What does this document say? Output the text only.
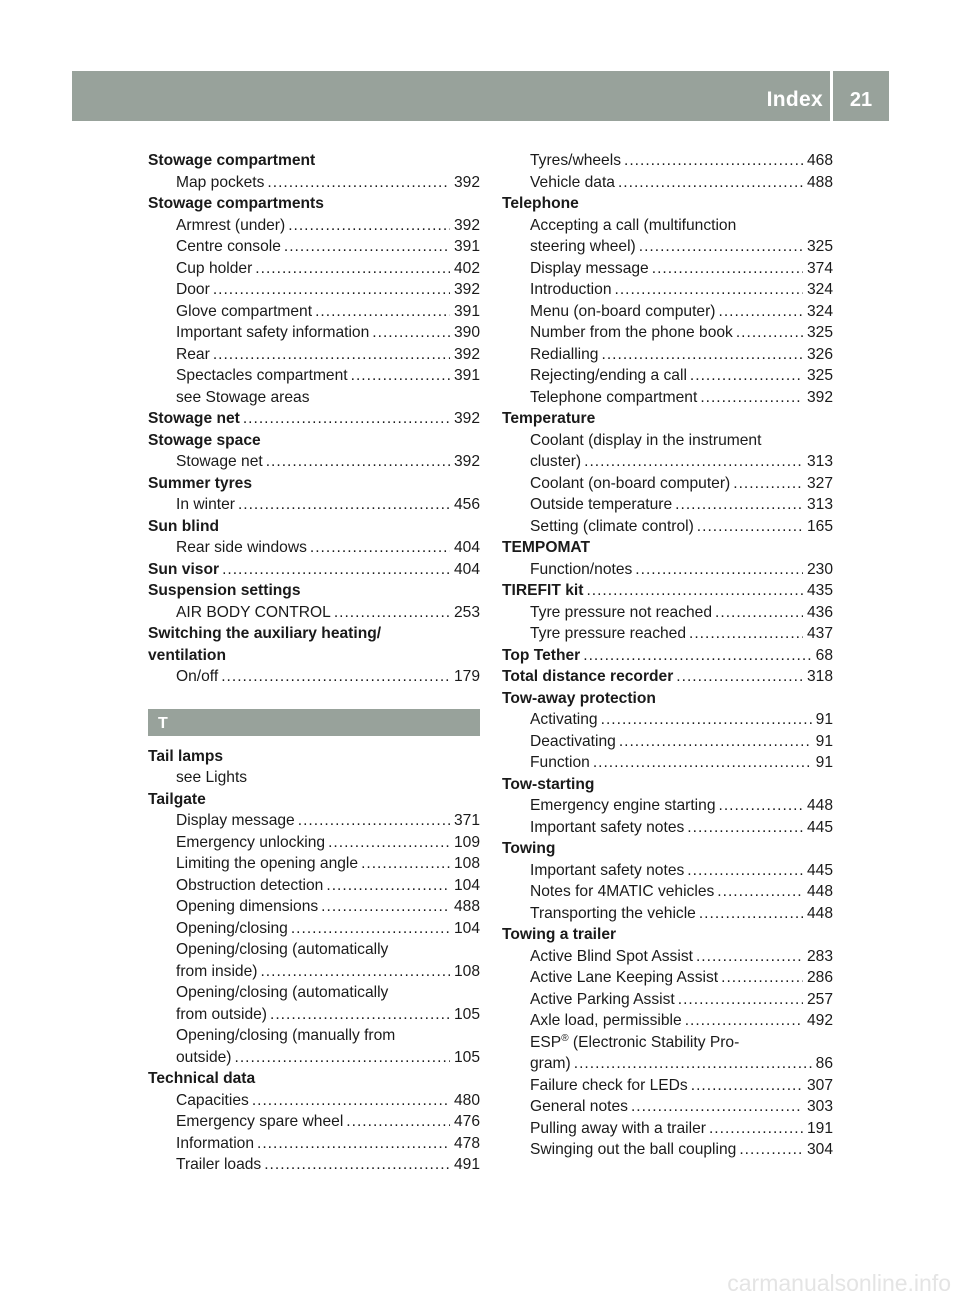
Index	21
Stowage compartment
Map pockets .....	392
Stowage compartments
Armrest (under) .....	392
Centre console .....	391
Cup holder .....	402
Door .....	392
Glove compartment .....	391
Important safety information .....	390
Rear .....	392
Spectacles compartment .....	391
see Stowage areas
Stowage net .....	392
Stowage space
Stowage net .....	392
Summer tyres
In winter .....	456
Sun blind
Rear side windows .....	404
Sun visor .....	404
Suspension settings
AIR BODY CONTROL .....	253
Switching the auxiliary heating/
ventilation
On/off .....	179
T
Tail lamps
see Lights
Tailgate
Display message .....	371
Emergency unlocking .....	109
Limiting the opening angle .....	108
Obstruction detection .....	104
Opening dimensions .....	488
Opening/closing .....	104
Opening/closing (automatically
from inside) .....	108
Opening/closing (automatically
from outside) .....	105
Opening/closing (manually from
outside) .....	105
Technical data
Capacities .....	480
Emergency spare wheel .....	476
Information .....	478
Trailer loads .....	491
Tyres/wheels .....	468
Vehicle data .....	488
Telephone
Accepting a call (multifunction
steering wheel) .....	325
Display message .....	374
Introduction .....	324
Menu (on-board computer) .....	324
Number from the phone book .....	325
Redialling .....	326
Rejecting/ending a call .....	325
Telephone compartment .....	392
Temperature
Coolant (display in the instrument
cluster) .....	313
Coolant (on-board computer) .....	327
Outside temperature .....	313
Setting (climate control) .....	165
TEMPOMAT
Function/notes .....	230
TIREFIT kit .....	435
Tyre pressure not reached .....	436
Tyre pressure reached .....	437
Top Tether .....	68
Total distance recorder .....	318
Tow-away protection
Activating .....	91
Deactivating .....	91
Function .....	91
Tow-starting
Emergency engine starting .....	448
Important safety notes .....	445
Towing
Important safety notes .....	445
Notes for 4MATIC vehicles .....	448
Transporting the vehicle .....	448
Towing a trailer
Active Blind Spot Assist .....	283
Active Lane Keeping Assist .....	286
Active Parking Assist .....	257
Axle load, permissible .....	492
ESP® (Electronic Stability Pro-
gram) .....	86
Failure check for LEDs .....	307
General notes .....	303
Pulling away with a trailer .....	191
Swinging out the ball coupling .....	304
carmanualsonline.info
